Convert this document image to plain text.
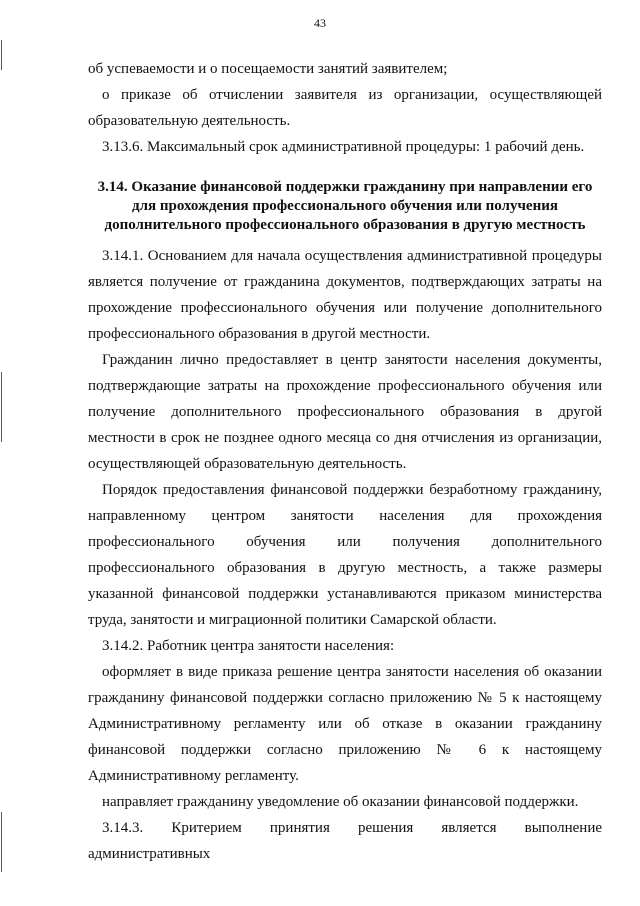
43

об успеваемости и о посещаемости занятий заявителем;

о приказе об отчислении заявителя из организации, осуществляющей образовательную деятельность.

3.13.6. Максимальный срок административной процедуры: 1 рабочий день.

3.14. Оказание финансовой поддержки гражданину при направлении его для прохождения профессионального обучения или получения дополнительного профессионального образования в другую местность

3.14.1. Основанием для начала осуществления административной процедуры является получение от гражданина документов, подтверждающих затраты на прохождение профессионального обучения или получение дополнительного профессионального образования в другой местности.

Гражданин лично предоставляет в центр занятости населения документы, подтверждающие затраты на прохождение профессионального обучения или получение дополнительного профессионального образования в другой местности в срок не позднее одного месяца со дня отчисления из организации, осуществляющей образовательную деятельность.

Порядок предоставления финансовой поддержки безработному гражданину, направленному центром занятости населения для прохождения профессионального обучения или получения дополнительного профессионального образования в другую местность, а также размеры указанной финансовой поддержки устанавливаются приказом министерства труда, занятости и миграционной политики Самарской области.

3.14.2. Работник центра занятости населения:

оформляет в виде приказа решение центра занятости населения об оказании гражданину финансовой поддержки согласно приложению № 5 к настоящему Административному регламенту или об отказе в оказании гражданину финансовой поддержки согласно приложению № 6 к настоящему Административному регламенту.

направляет гражданину уведомление об оказании финансовой поддержки.

3.14.3. Критерием принятия решения является выполнение административных
